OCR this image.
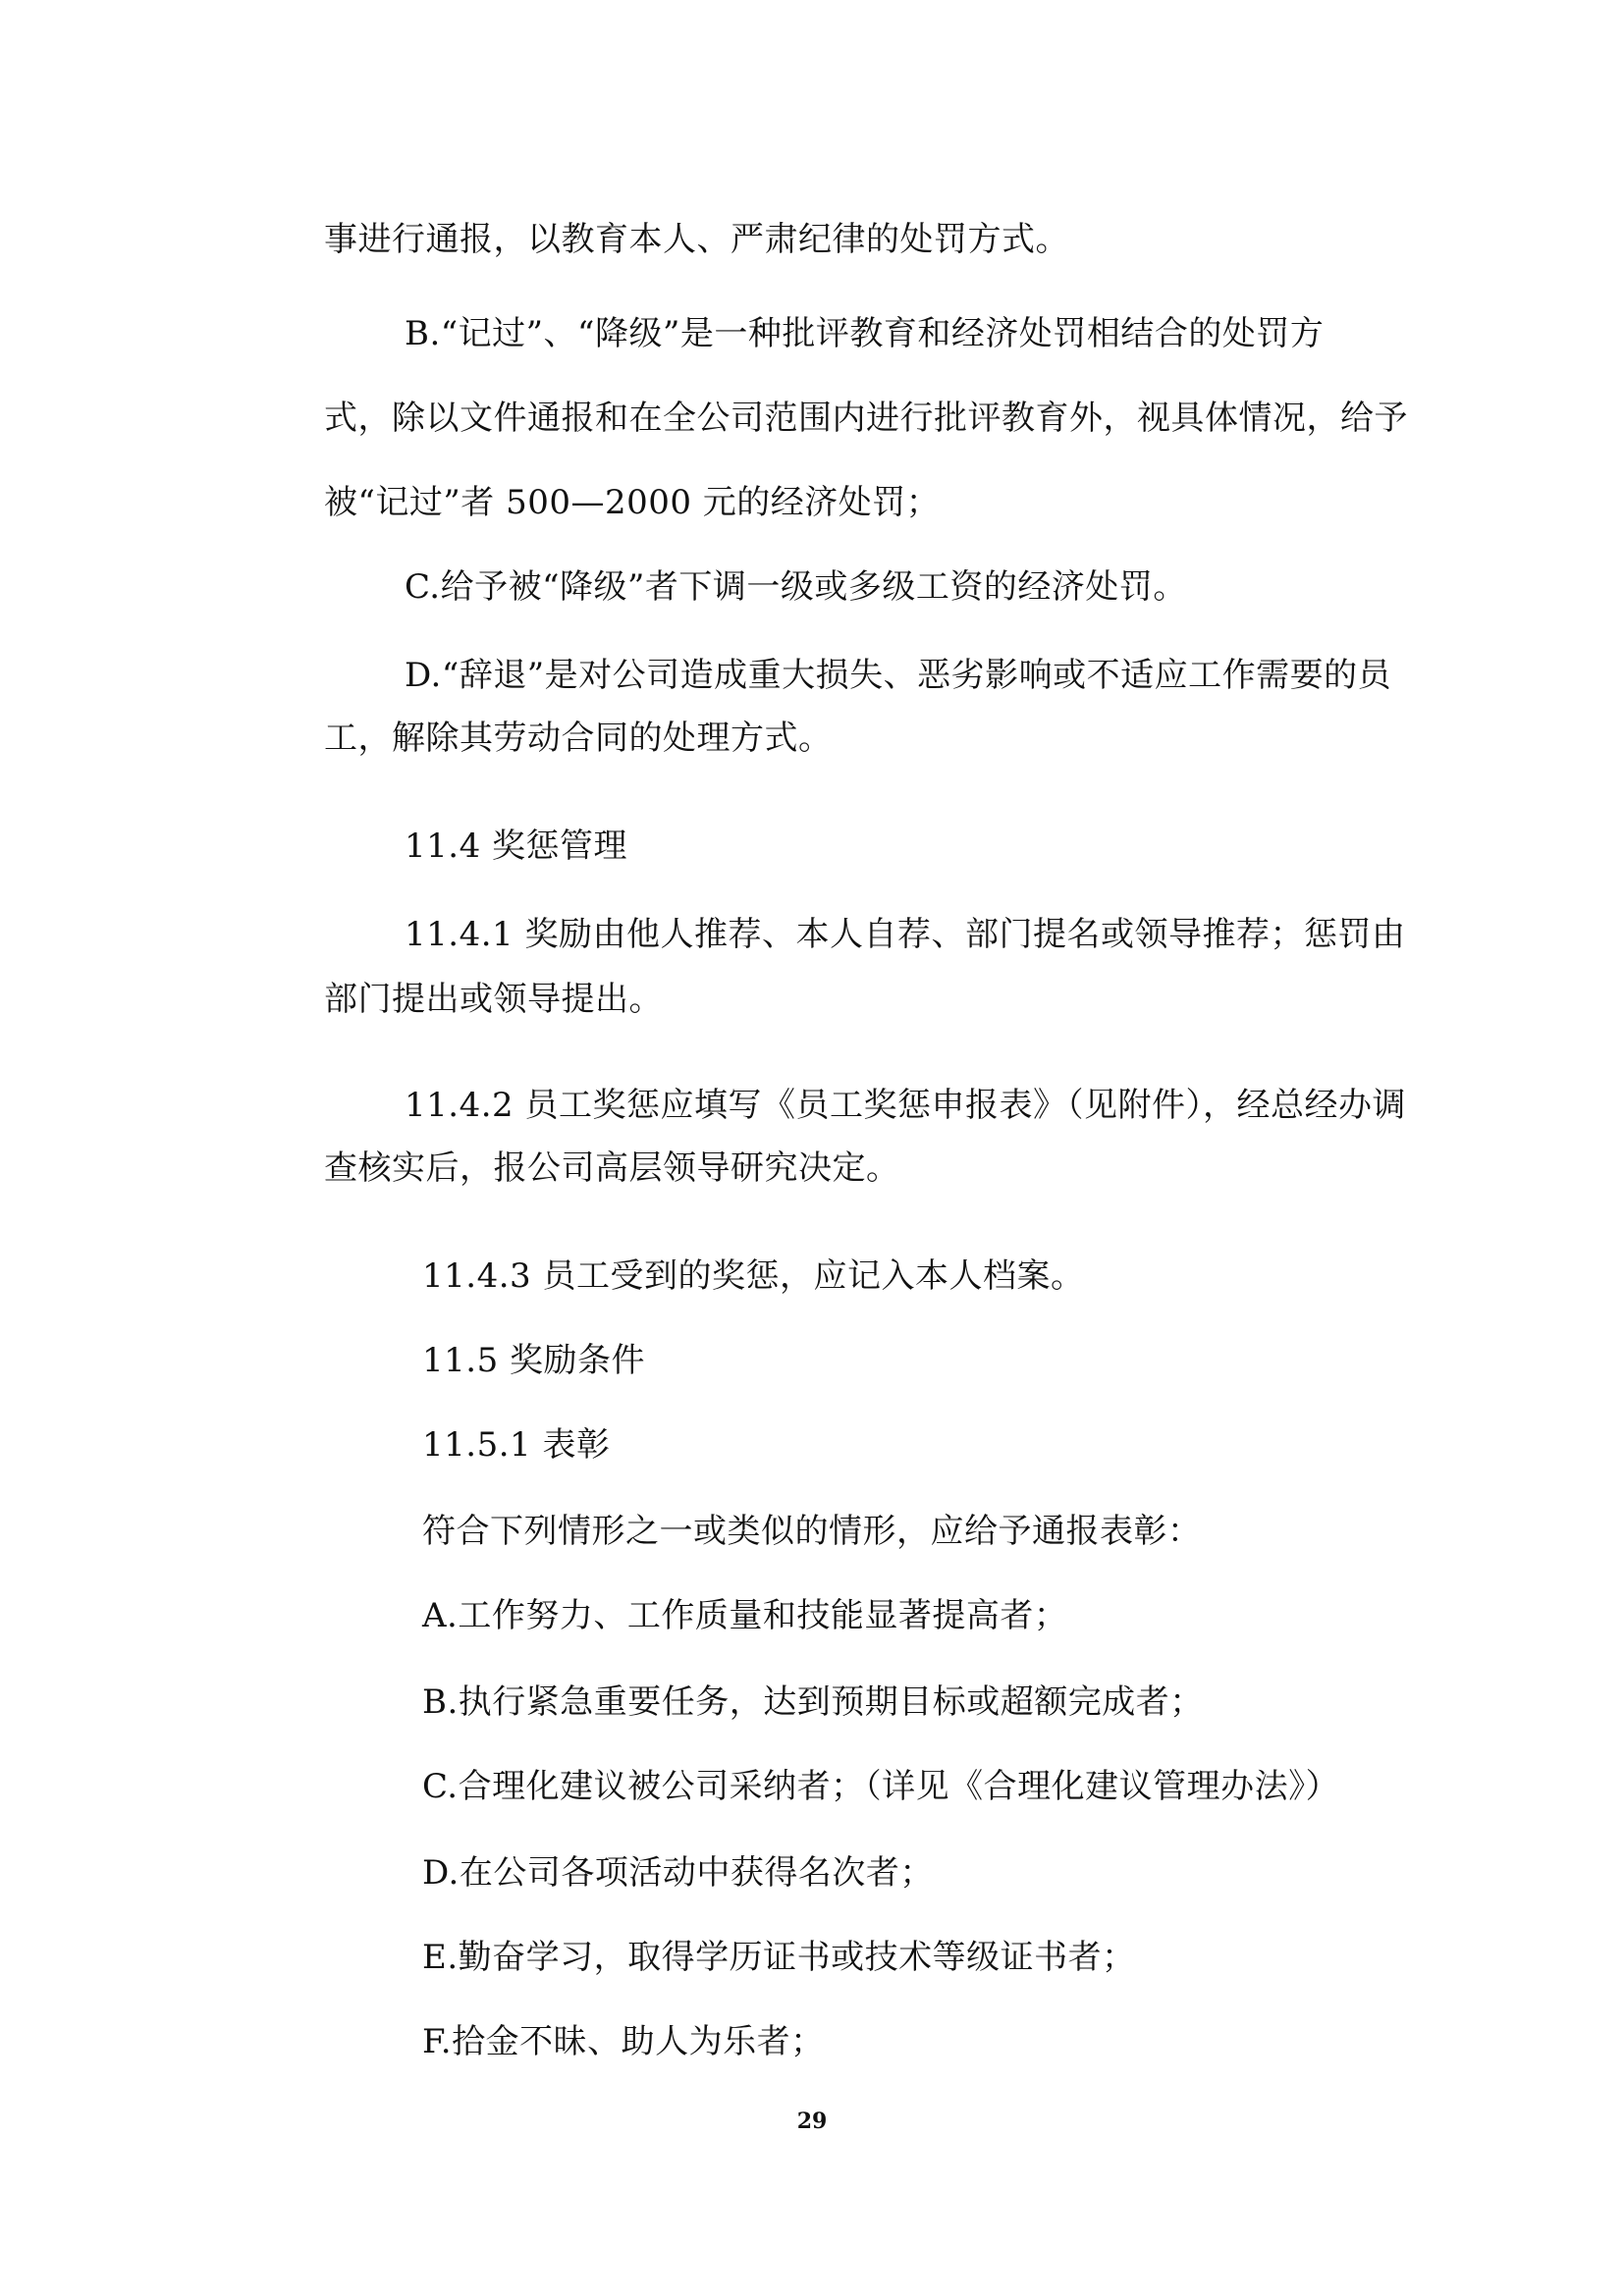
事进行通报，以教育本人、严肃纪律的处罚方式。
B.“记过”、“降级”是一种批评教育和经济处罚相结合的处罚方
式，除以文件通报和在全公司范围内进行批评教育外，视具体情况，给予
被“记过”者 500—2000 元的经济处罚；
C.给予被“降级”者下调一级或多级工资的经济处罚。
D.“辞退”是对公司造成重大损失、恶劣影响或不适应工作需要的员
工，解除其劳动合同的处理方式。
11.4 奖惩管理
11.4.1 奖励由他人推荐、本人自荐、部门提名或领导推荐；惩罚由
部门提出或领导提出。
11.4.2 员工奖惩应填写《员工奖惩申报表》（见附件），经总经办调
查核实后，报公司高层领导研究决定。
11.4.3 员工受到的奖惩，应记入本人档案。
11.5 奖励条件
11.5.1 表彰
符合下列情形之一或类似的情形，应给予通报表彰：
A.工作努力、工作质量和技能显著提高者；
B.执行紧急重要任务，达到预期目标或超额完成者；
C.合理化建议被公司采纳者；（详见《合理化建议管理办法》）
D.在公司各项活动中获得名次者；
E.勤奋学习，取得学历证书或技术等级证书者；
F.拾金不昧、助人为乐者；
29
